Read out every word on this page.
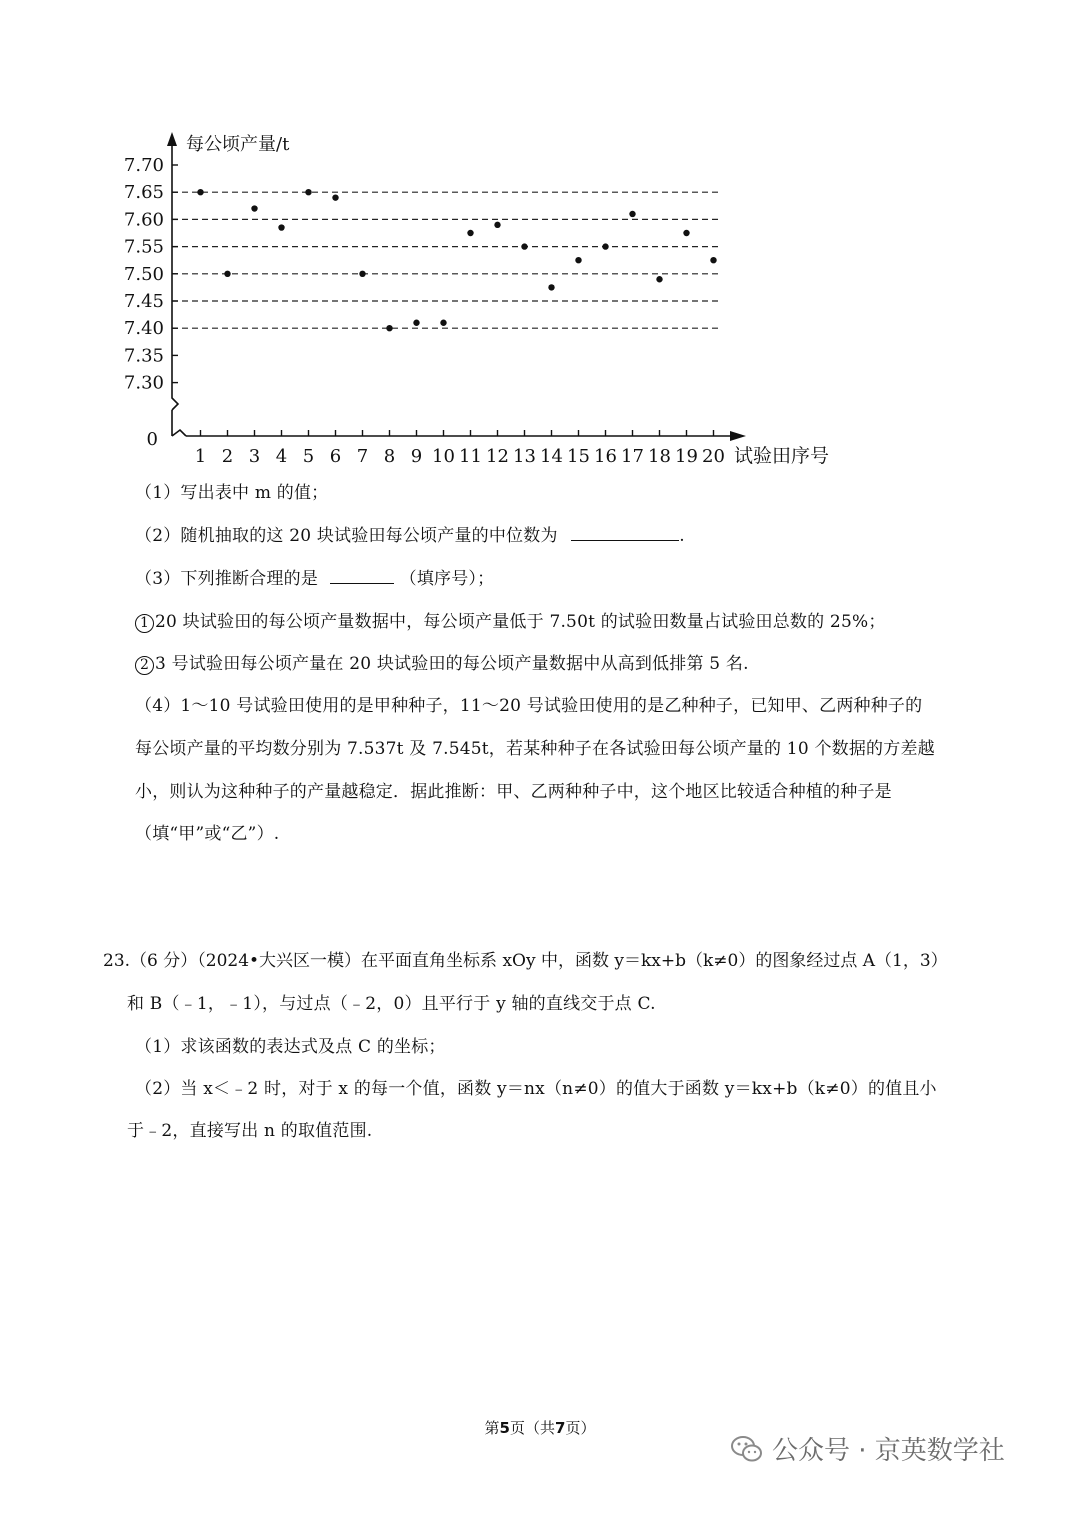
7.70
7.65
7.60
7.55
7.50
7.45
7.40
7.35
7.30
1 2 3 4 5 6 7 8 9 10 11 12 13 14 15 16 17 18 19 20
每公顷产量/t
试验田序号
0
（1）写出表中 m 的值；
（2）随机抽取的这 20 块试验田每公顷产量的中位数为	.
（3）下列推断合理的是	（填序号）；
1 20 块试验田的每公顷产量数据中，每公顷产量低于 7.50t 的试验田数量占试验田总数的 25%；
2 3 号试验田每公顷产量在 20 块试验田的每公顷产量数据中从高到低排第 5 名.
（4）1～10 号试验田使用的是甲种种子，11～20 号试验田使用的是乙种种子，已知甲、乙两种种子的
每公顷产量的平均数分别为 7.537t 及 7.545t，若某种种子在各试验田每公顷产量的 10 个数据的方差越
小，则认为这种种子的产量越稳定．据此推断：甲、乙两种种子中，这个地区比较适合种植的种子是
（填“甲”或“乙”）.
23.（6 分）（2024•大兴区一模）在平面直角坐标系 xOy 中，函数 y＝kx+b（k≠0）的图象经过点 A（1，3）
和 B（﹣1，﹣1），与过点（﹣2，0）且平行于 y 轴的直线交于点 C.
（1）求该函数的表达式及点 C 的坐标；
（2）当 x＜﹣2 时，对于 x 的每一个值，函数 y＝nx（n≠0）的值大于函数 y＝kx+b（k≠0）的值且小
于﹣2，直接写出 n 的取值范围.
第5页（共7页）
公众号 · 京英数学社
